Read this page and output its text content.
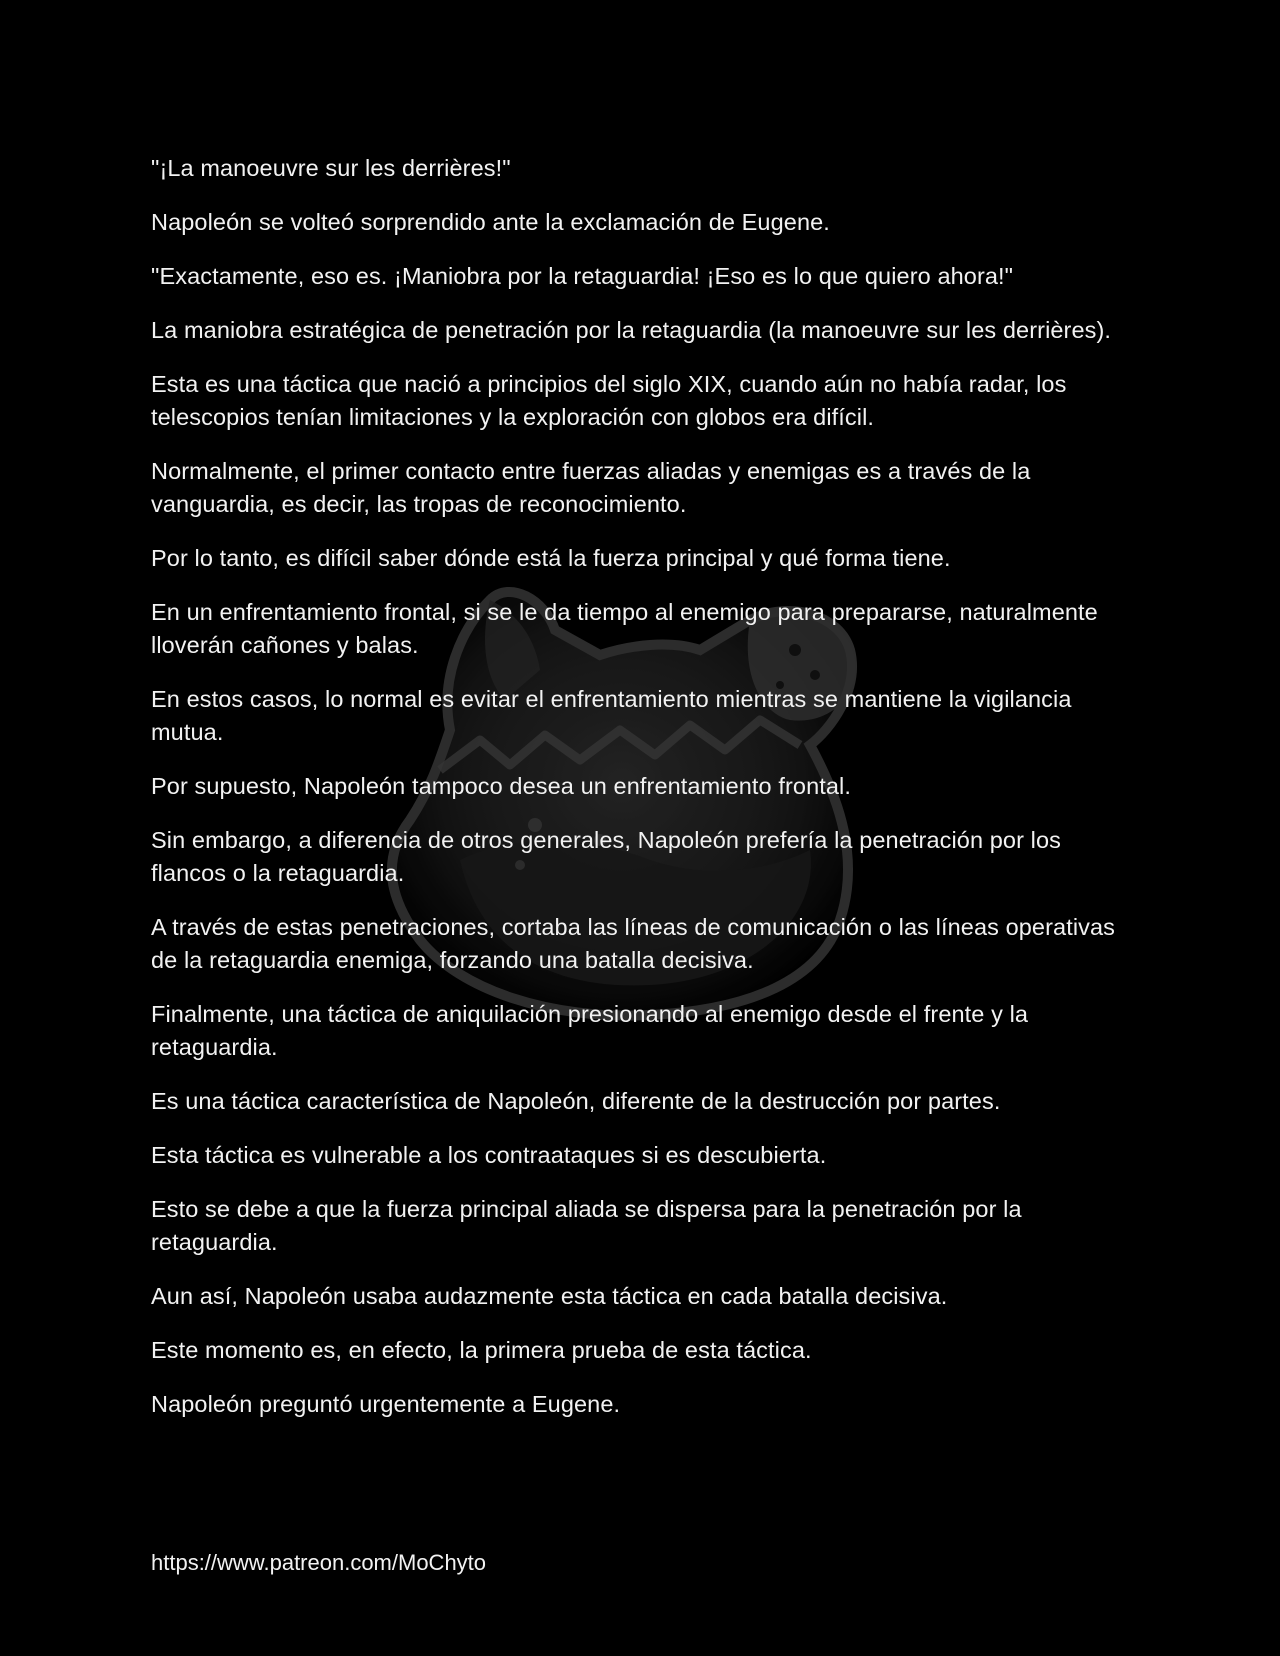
"¡La manoeuvre sur les derrières!"

Napoleón se volteó sorprendido ante la exclamación de Eugene.

"Exactamente, eso es. ¡Maniobra por la retaguardia! ¡Eso es lo que quiero ahora!"

La maniobra estratégica de penetración por la retaguardia (la manoeuvre sur les derrières).

Esta es una táctica que nació a principios del siglo XIX, cuando aún no había radar, los telescopios tenían limitaciones y la exploración con globos era difícil.

Normalmente, el primer contacto entre fuerzas aliadas y enemigas es a través de la vanguardia, es decir, las tropas de reconocimiento.

Por lo tanto, es difícil saber dónde está la fuerza principal y qué forma tiene.

En un enfrentamiento frontal, si se le da tiempo al enemigo para prepararse, naturalmente lloverán cañones y balas.

En estos casos, lo normal es evitar el enfrentamiento mientras se mantiene la vigilancia mutua.

Por supuesto, Napoleón tampoco desea un enfrentamiento frontal.

Sin embargo, a diferencia de otros generales, Napoleón prefería la penetración por los flancos o la retaguardia.

A través de estas penetraciones, cortaba las líneas de comunicación o las líneas operativas de la retaguardia enemiga, forzando una batalla decisiva.

Finalmente, una táctica de aniquilación presionando al enemigo desde el frente y la retaguardia.

Es una táctica característica de Napoleón, diferente de la destrucción por partes.

Esta táctica es vulnerable a los contraataques si es descubierta.

Esto se debe a que la fuerza principal aliada se dispersa para la penetración por la retaguardia.

Aun así, Napoleón usaba audazmente esta táctica en cada batalla decisiva.

Este momento es, en efecto, la primera prueba de esta táctica.

Napoleón preguntó urgentemente a Eugene.

https://www.patreon.com/MoChyto
